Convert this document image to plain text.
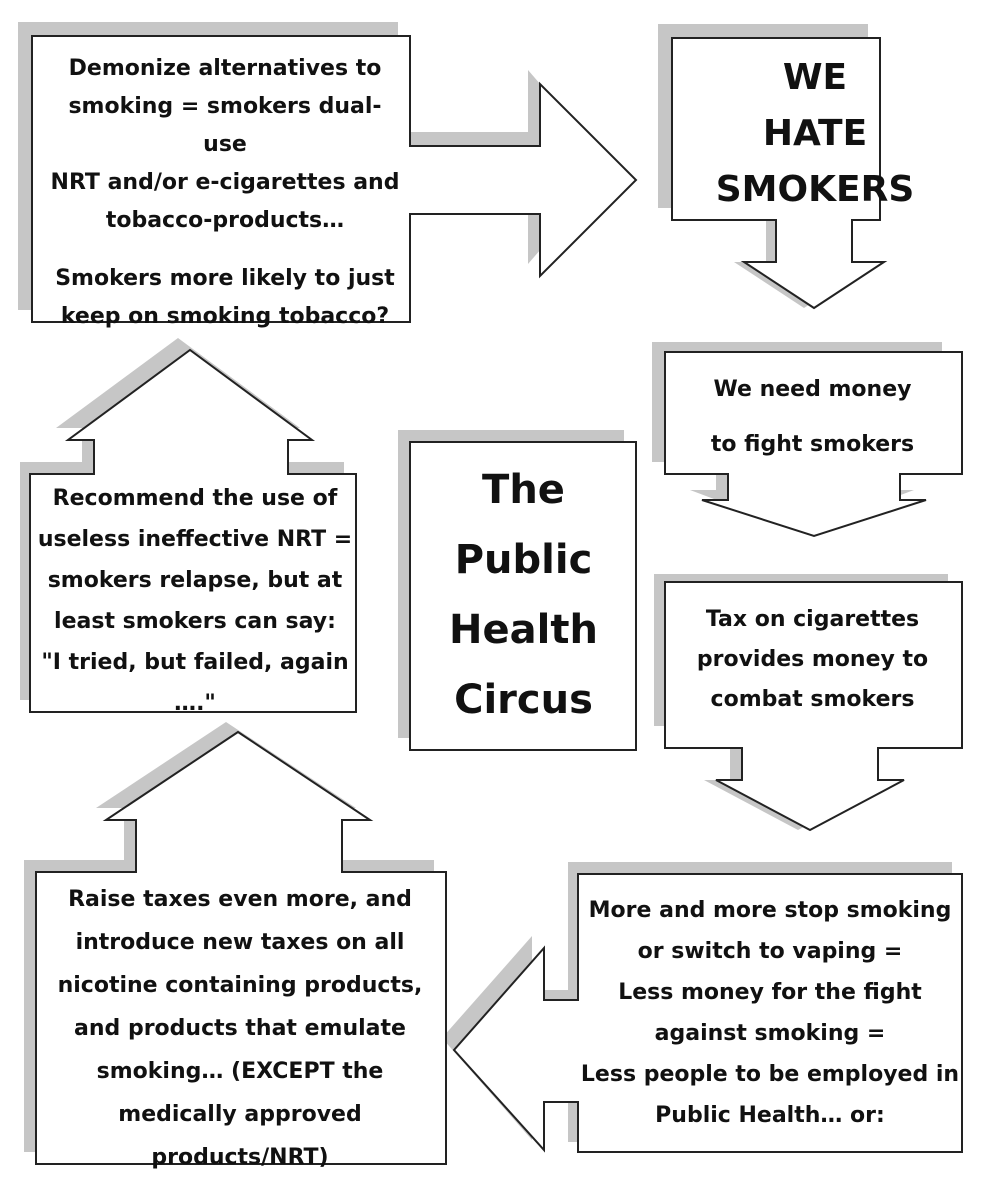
Demonize alternatives to

smoking = smokers dual-use

NRT and/or e-cigarettes and

tobacco-products…

Smokers more likely to just

keep on smoking tobacco?

WE

HATE

SMOKERS

We need money

to fight smokers

Tax on cigarettes

provides money to

combat smokers

More and more stop smoking

or switch to vaping =

Less money for the fight

against smoking =

Less people to be employed in

Public Health… or:

Raise taxes even more, and

introduce new taxes on all

nicotine containing products,

and products that emulate

smoking… (EXCEPT the

medically approved

products/NRT)

Recommend the use of

useless ineffective NRT =

smokers relapse, but at

least smokers can say:

"I tried, but failed, again …."

The

Public

Health

Circus
